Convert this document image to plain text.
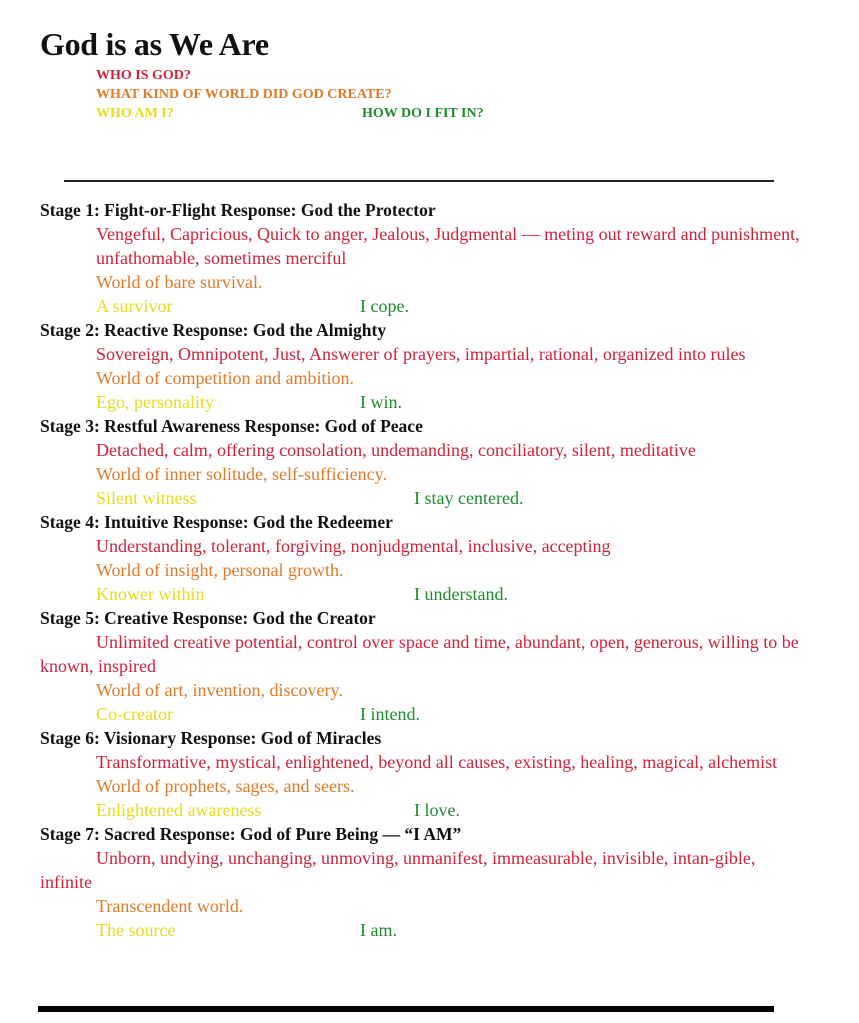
God is as We Are
WHO IS GOD?
WHAT KIND OF WORLD DID GOD CREATE?
WHO AM I?	HOW DO I FIT IN?
Stage 1: Fight-or-Flight Response: God the Protector
Vengeful, Capricious, Quick to anger, Jealous, Judgmental — meting out reward and punishment, unfathomable, sometimes merciful
World of bare survival.
A survivor	I cope.
Stage 2: Reactive Response: God the Almighty
Sovereign, Omnipotent, Just, Answerer of prayers, impartial, rational, organized into rules
World of competition and ambition.
Ego, personality	I win.
Stage 3: Restful Awareness Response: God of Peace
Detached, calm, offering consolation, undemanding, conciliatory, silent, meditative
World of inner solitude, self-sufficiency.
Silent witness	I stay centered.
Stage 4: Intuitive Response: God the Redeemer
Understanding, tolerant, forgiving, nonjudgmental, inclusive, accepting
World of insight, personal growth.
Knower within	I understand.
Stage 5: Creative Response: God the Creator
Unlimited creative potential, control over space and time, abundant, open, generous, willing to be known, inspired
World of art, invention, discovery.
Co-creator	I intend.
Stage 6: Visionary Response: God of Miracles
Transformative, mystical, enlightened, beyond all causes, existing, healing, magical, alchemist
World of prophets, sages, and seers.
Enlightened awareness	I love.
Stage 7: Sacred Response: God of Pure Being — “I AM”
Unborn, undying, unchanging, unmoving, unmanifest, immeasurable, invisible, intan-gible, infinite
Transcendent world.
The source	I am.
